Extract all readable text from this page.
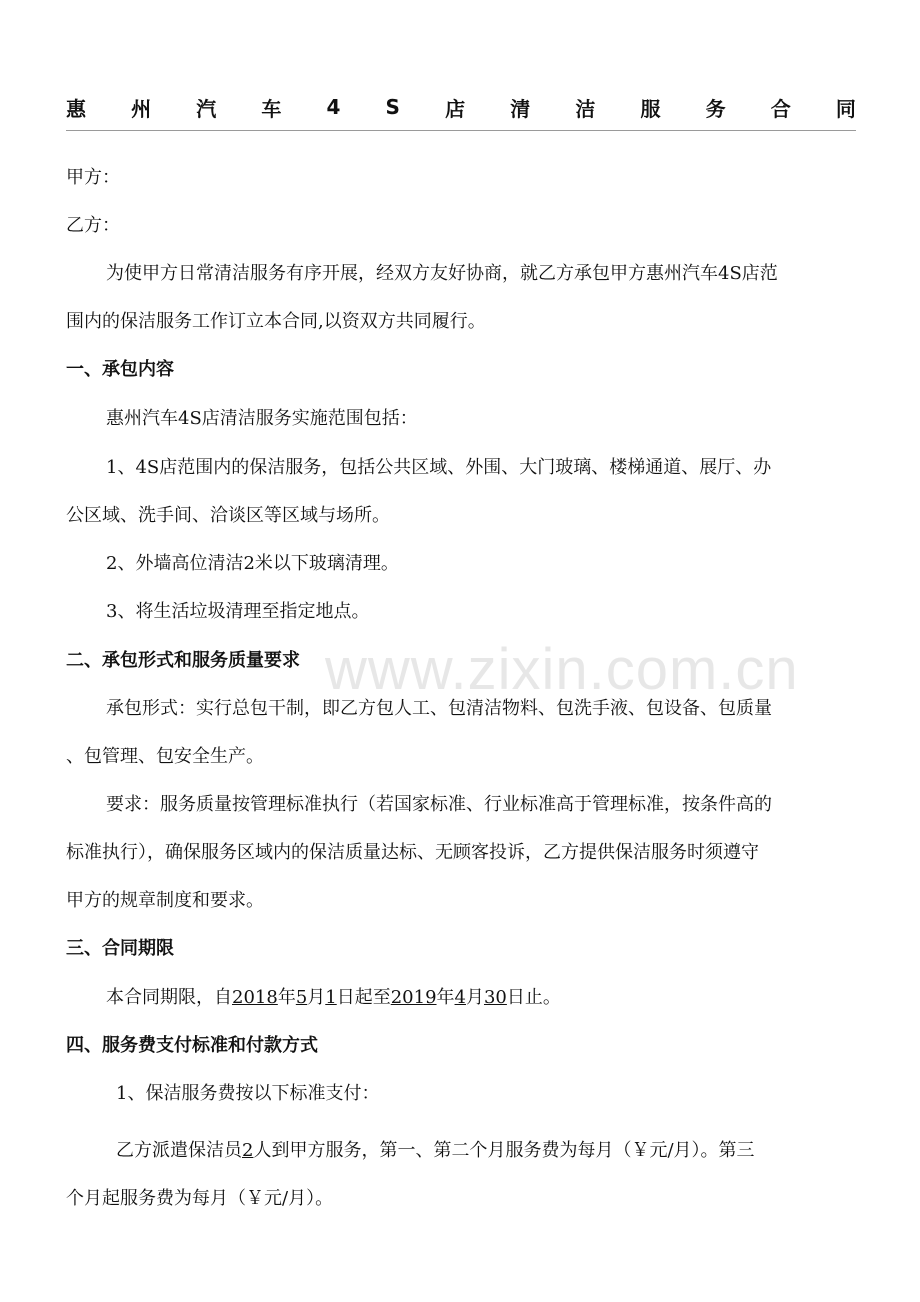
惠 州 汽 车 4 S 店 清 洁 服 务 合 同
甲方：
乙方：
为使甲方日常清洁服务有序开展，经双方友好协商，就乙方承包甲方惠州汽车4S店范
围内的保洁服务工作订立本合同,以资双方共同履行。
一、承包内容
惠州汽车4S店清洁服务实施范围包括：
1、4S店范围内的保洁服务，包括公共区域、外围、大门玻璃、楼梯通道、展厅、办
公区域、洗手间、洽谈区等区域与场所。
2、外墙高位清洁2米以下玻璃清理。
3、将生活垃圾清理至指定地点。
二、承包形式和服务质量要求
承包形式：实行总包干制，即乙方包人工、包清洁物料、包洗手液、包设备、包质量
、包管理、包安全生产。
要求：服务质量按管理标准执行（若国家标准、行业标准高于管理标准，按条件高的
标准执行），确保服务区域内的保洁质量达标、无顾客投诉，乙方提供保洁服务时须遵守
甲方的规章制度和要求。
三、合同期限
本合同期限，自2018年5月1日起至2019年4月30日止。
四、服务费支付标准和付款方式
1、保洁服务费按以下标准支付：
乙方派遣保洁员2人到甲方服务，第一、第二个月服务费为每月（￥元/月）。第三
个月起服务费为每月（￥元/月）。
www.zixin.com.cn
